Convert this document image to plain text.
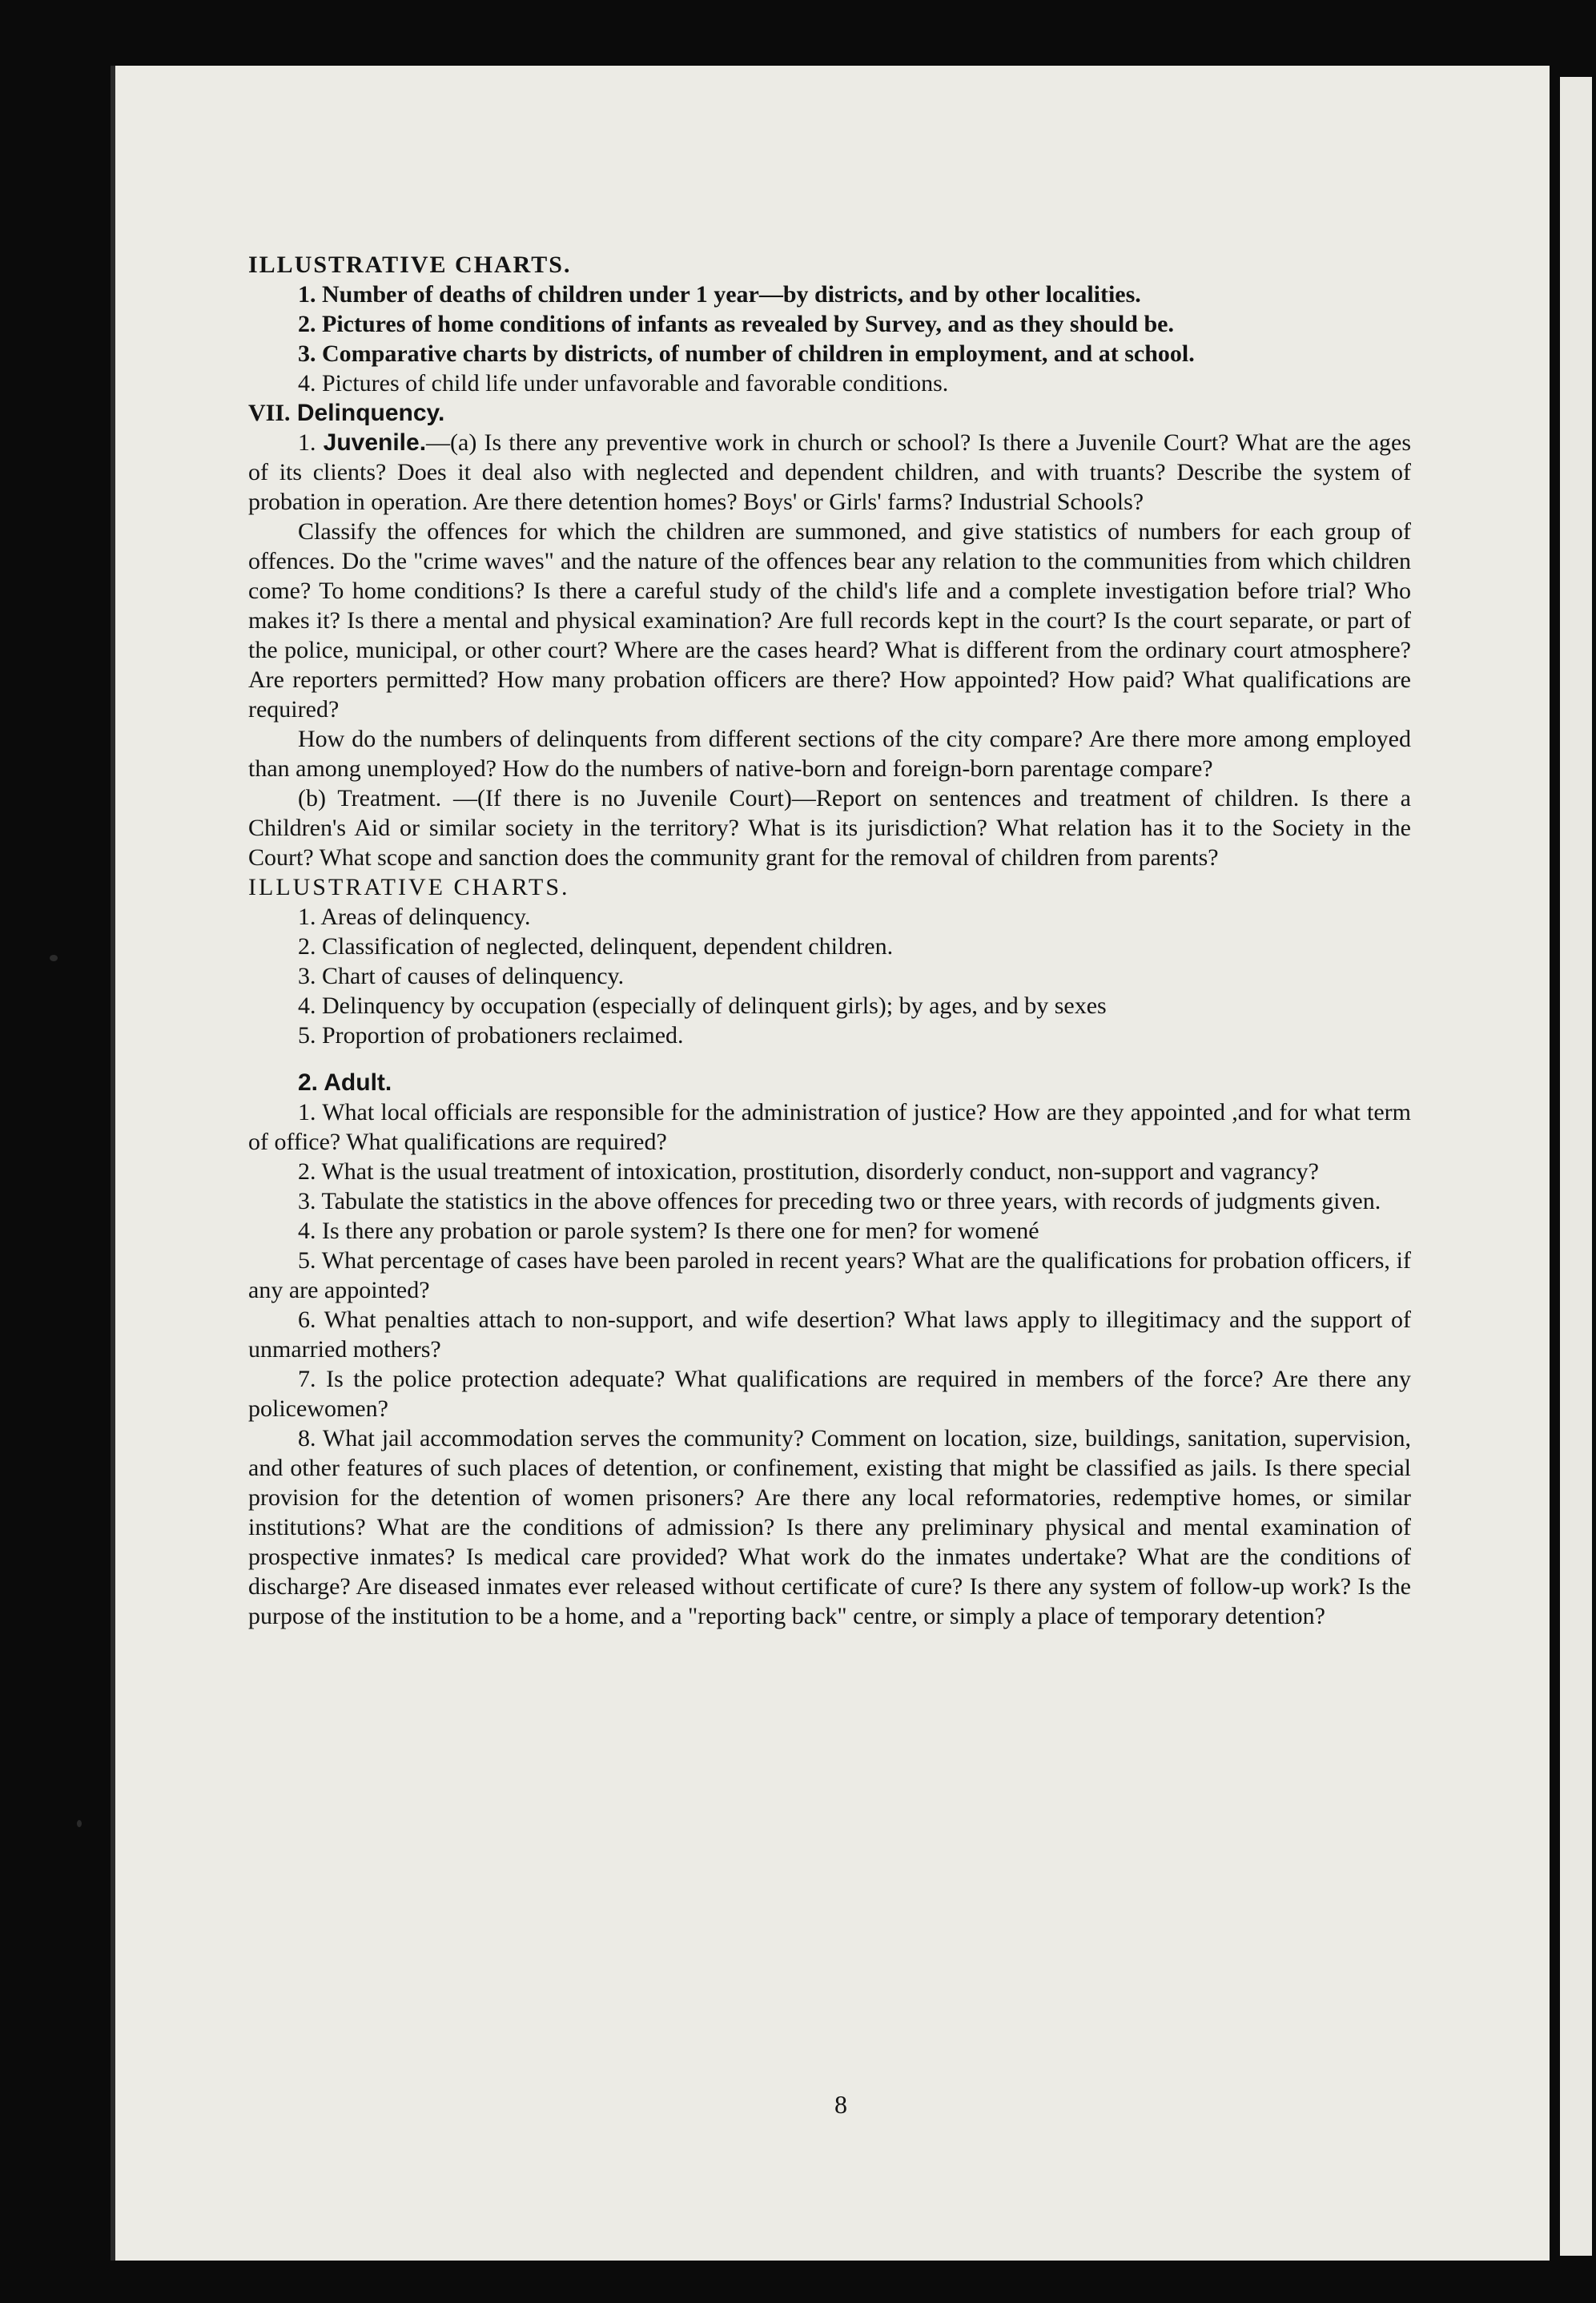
ILLUSTRATIVE CHARTS.

1. Number of deaths of children under 1 year—by districts, and by other localities.

2. Pictures of home conditions of infants as revealed by Survey, and as they should be.

3. Comparative charts by districts, of number of children in employment, and at school.

4. Pictures of child life under unfavorable and favorable conditions.

VII. Delinquency.

1. Juvenile.—(a) Is there any preventive work in church or school? Is there a Juvenile Court? What are the ages of its clients? Does it deal also with neglected and dependent children, and with truants? Describe the system of probation in operation. Are there detention homes? Boys' or Girls' farms? Industrial Schools?

Classify the offences for which the children are summoned, and give statistics of numbers for each group of offences. Do the "crime waves" and the nature of the offences bear any relation to the communities from which children come? To home conditions? Is there a careful study of the child's life and a complete investigation before trial? Who makes it? Is there a mental and physical examination? Are full records kept in the court? Is the court separate, or part of the police, municipal, or other court? Where are the cases heard? What is different from the ordinary court atmosphere? Are reporters permitted? How many probation officers are there? How appointed? How paid? What qualifications are required?

How do the numbers of delinquents from different sections of the city compare? Are there more among employed than among unemployed? How do the numbers of native-born and foreign-born parentage compare?

(b) Treatment. —(If there is no Juvenile Court)—Report on sentences and treatment of children. Is there a Children's Aid or similar society in the territory? What is its jurisdiction? What relation has it to the Society in the Court? What scope and sanction does the community grant for the removal of children from parents?

ILLUSTRATIVE CHARTS.

1. Areas of delinquency.

2. Classification of neglected, delinquent, dependent children.

3. Chart of causes of delinquency.

4. Delinquency by occupation (especially of delinquent girls); by ages, and by sexes

5. Proportion of probationers reclaimed.

2. Adult.

1. What local officials are responsible for the administration of justice? How are they appointed ,and for what term of office? What qualifications are required?

2. What is the usual treatment of intoxication, prostitution, disorderly conduct, non-support and vagrancy?

3. Tabulate the statistics in the above offences for preceding two or three years, with records of judgments given.

4. Is there any probation or parole system? Is there one for men? for womené

5. What percentage of cases have been paroled in recent years? What are the qualifications for probation officers, if any are appointed?

6. What penalties attach to non-support, and wife desertion? What laws apply to illegitimacy and the support of unmarried mothers?

7. Is the police protection adequate? What qualifications are required in members of the force? Are there any policewomen?

8. What jail accommodation serves the community? Comment on location, size, buildings, sanitation, supervision, and other features of such places of detention, or confinement, existing that might be classified as jails. Is there special provision for the detention of women prisoners? Are there any local reformatories, redemptive homes, or similar institutions? What are the conditions of admission? Is there any preliminary physical and mental examination of prospective inmates? Is medical care provided? What work do the inmates undertake? What are the conditions of discharge? Are diseased inmates ever released without certificate of cure? Is there any system of follow-up work? Is the purpose of the institution to be a home, and a "reporting back" centre, or simply a place of temporary detention?

8
